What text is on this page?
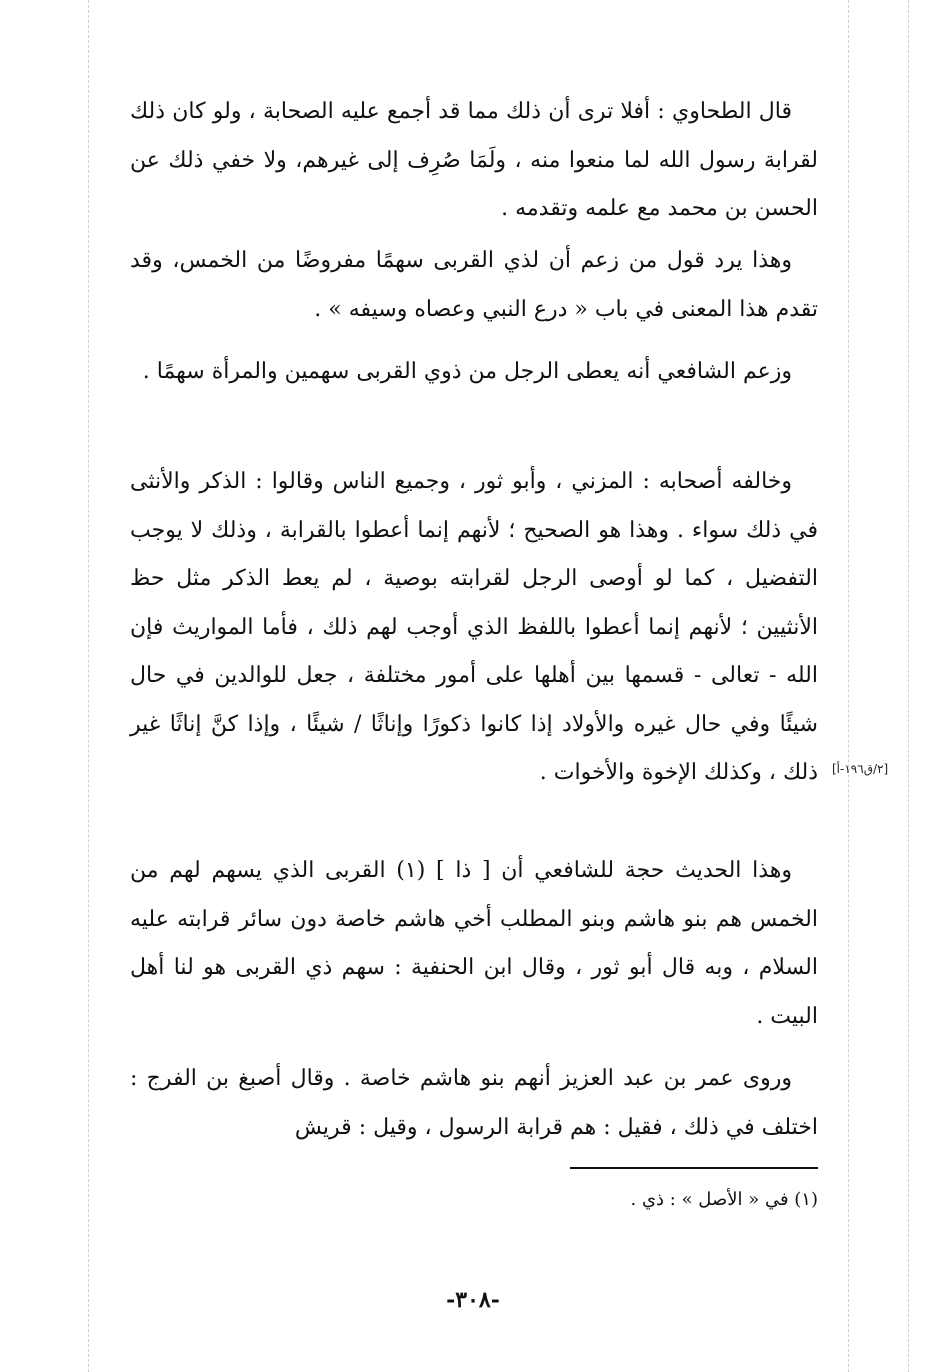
قال الطحاوي : أفلا ترى أن ذلك مما قد أجمع عليه الصحابة ، ولو كان ذلك لقرابة رسول الله لما منعوا منه ، ولَمَا صُرِف إلى غيرهم، ولا خفي ذلك عن الحسن بن محمد مع علمه وتقدمه .

وهذا يرد قول من زعم أن لذي القربى سهمًا مفروضًا من الخمس، وقد تقدم هذا المعنى في باب « درع النبي وعصاه وسيفه » .

وزعم الشافعي أنه يعطى الرجل من ذوي القربى سهمين والمرأة سهمًا .

وخالفه أصحابه : المزني ، وأبو ثور ، وجميع الناس وقالوا : الذكر والأنثى في ذلك سواء . وهذا هو الصحيح ؛ لأنهم إنما أعطوا بالقرابة ، وذلك لا يوجب التفضيل ، كما لو أوصى الرجل لقرابته بوصية ، لم يعط الذكر مثل حظ الأنثيين ؛ لأنهم إنما أعطوا باللفظ الذي أوجب لهم ذلك ، فأما المواريث فإن الله - تعالى - قسمها بين أهلها على أمور مختلفة ، جعل للوالدين في حال شيئًا وفي حال غيره والأولاد إذا كانوا ذكورًا وإناثًا / شيئًا ، وإذا كنَّ إناثًا غير ذلك ، وكذلك الإخوة والأخوات . [٢/ق١٩٦-أ]

وهذا الحديث حجة للشافعي أن [ ذا ] (١) القربى الذي يسهم لهم من الخمس هم بنو هاشم وبنو المطلب أخي هاشم خاصة دون سائر قرابته عليه السلام ، وبه قال أبو ثور ، وقال ابن الحنفية : سهم ذي القربى هو لنا أهل البيت .

وروى عمر بن عبد العزيز أنهم بنو هاشم خاصة . وقال أصبغ بن الفرج : اختلف في ذلك ، فقيل : هم قرابة الرسول ، وقيل : قريش

(١) في « الأصل » : ذي .
-٣٠٨-
